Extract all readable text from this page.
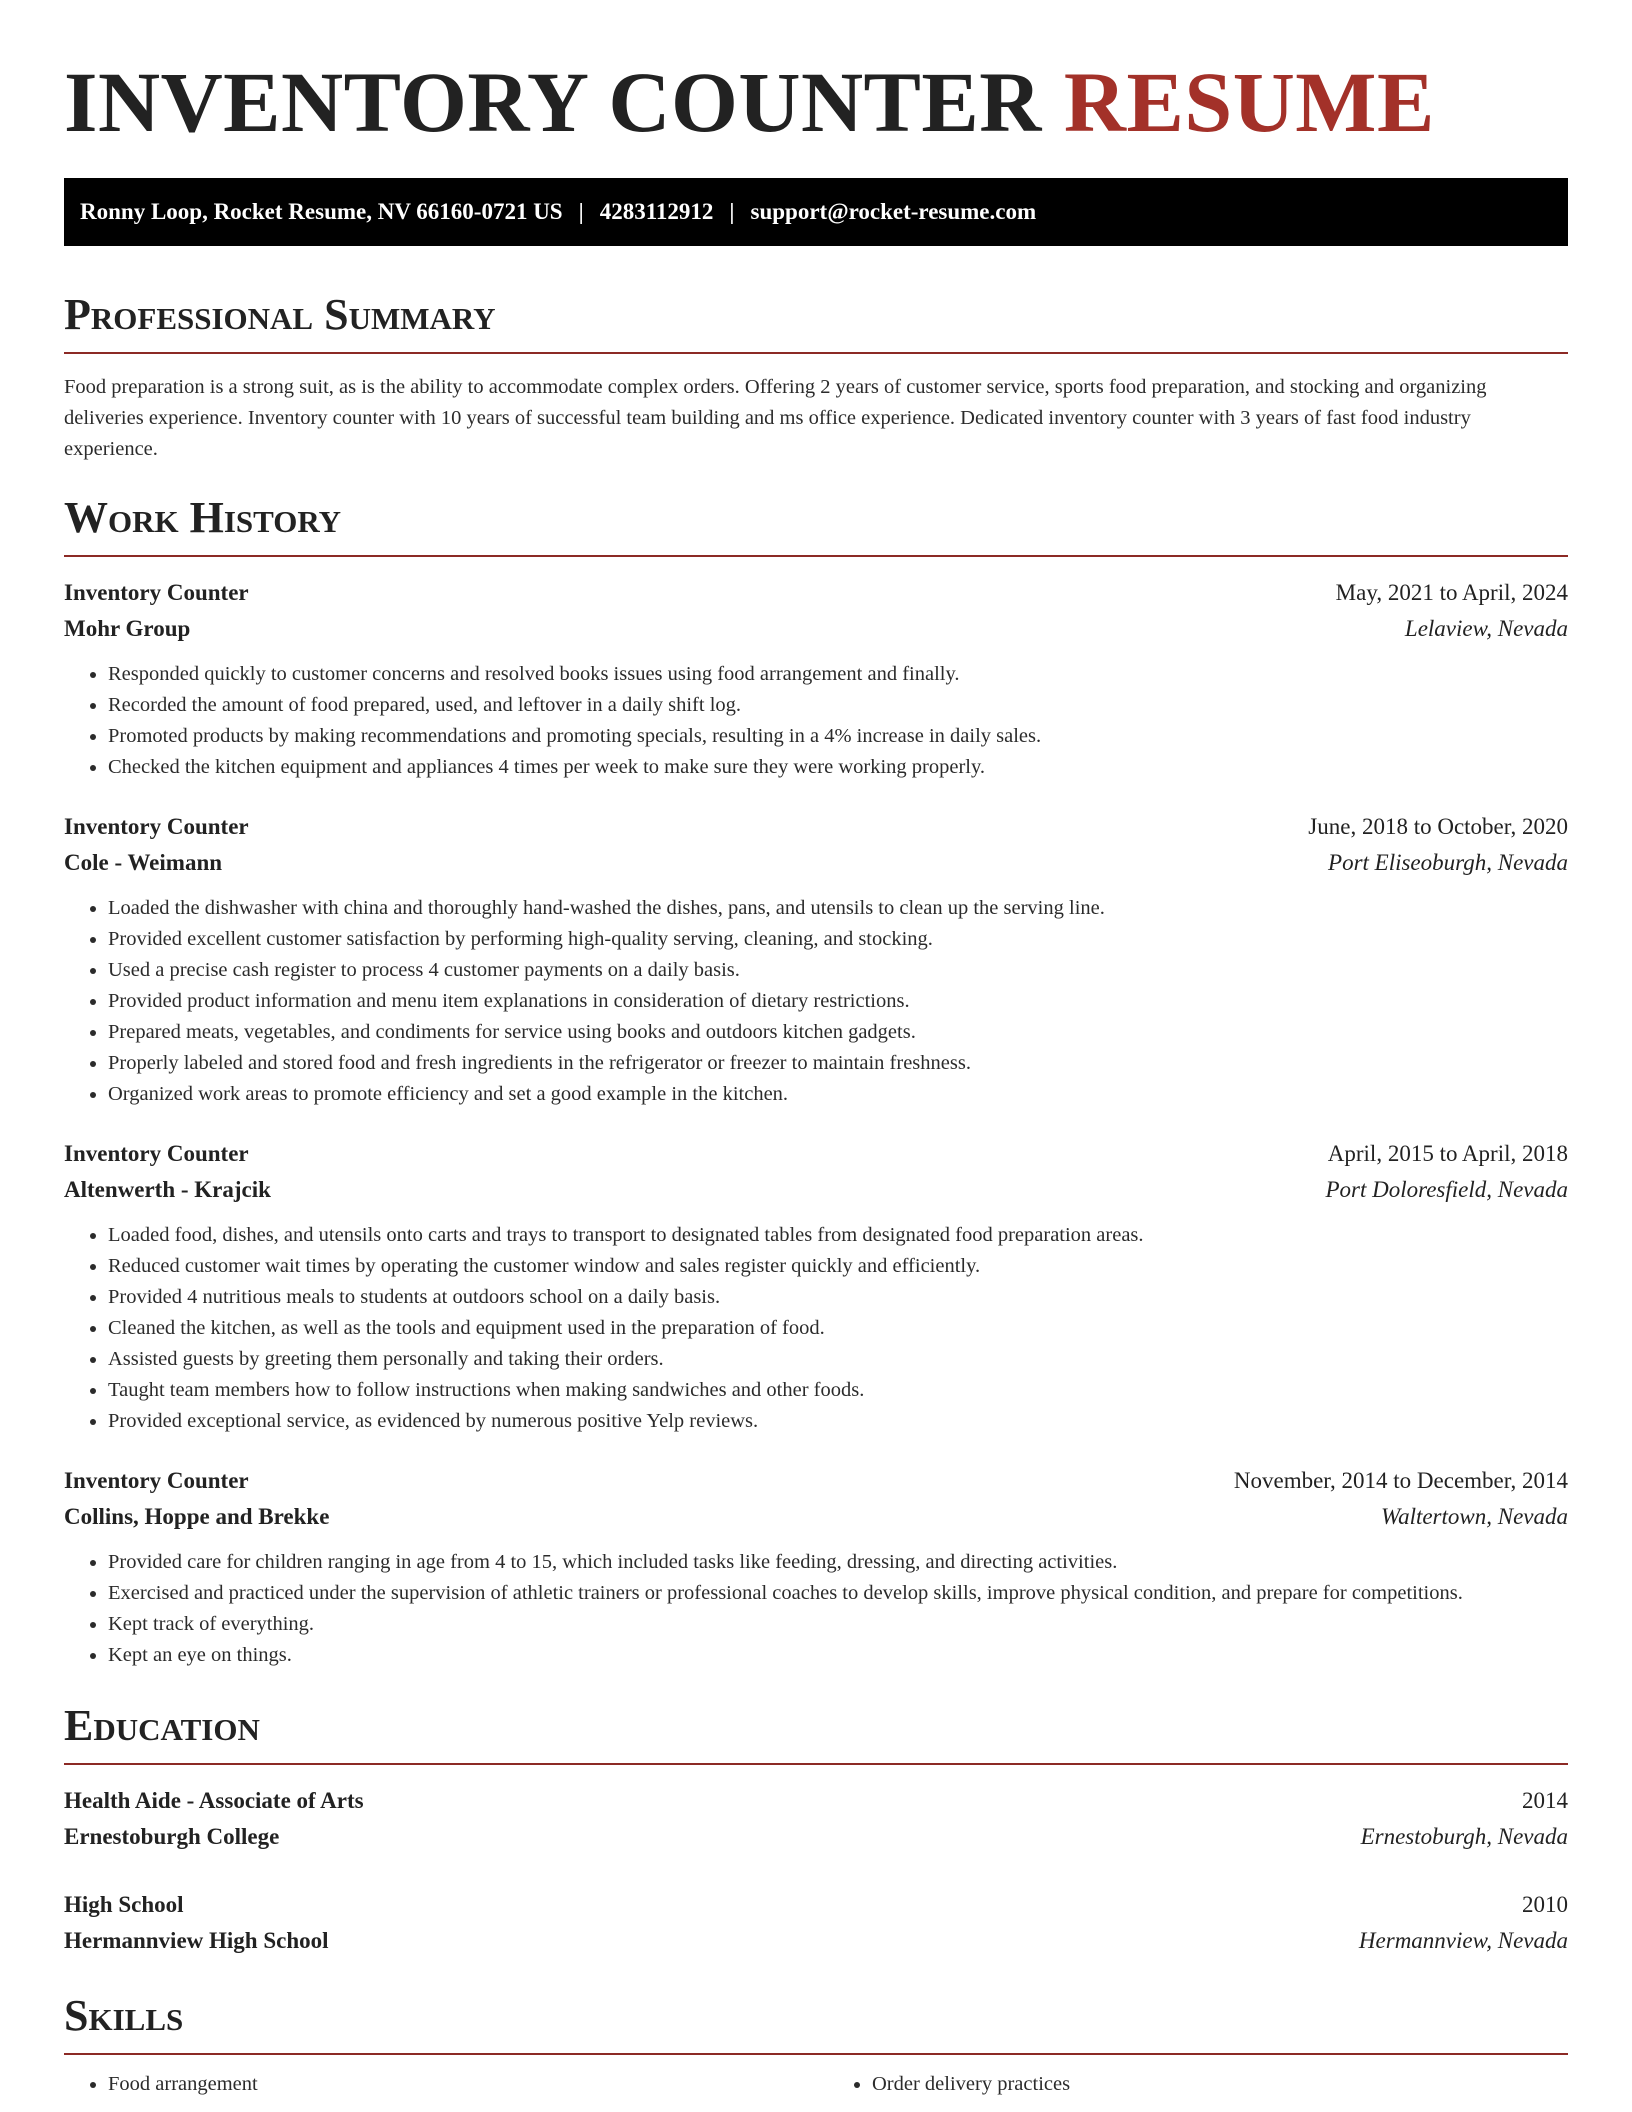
INVENTORY COUNTER RESUME
Ronny Loop, Rocket Resume, NV 66160-0721 US | 4283112912 | support@rocket-resume.com
Professional Summary
Food preparation is a strong suit, as is the ability to accommodate complex orders. Offering 2 years of customer service, sports food preparation, and stocking and organizing deliveries experience. Inventory counter with 10 years of successful team building and ms office experience. Dedicated inventory counter with 3 years of fast food industry experience.
Work History
Inventory Counter	May, 2021 to April, 2024
Mohr Group	Lelaview, Nevada
• Responded quickly to customer concerns and resolved books issues using food arrangement and finally.
• Recorded the amount of food prepared, used, and leftover in a daily shift log.
• Promoted products by making recommendations and promoting specials, resulting in a 4% increase in daily sales.
• Checked the kitchen equipment and appliances 4 times per week to make sure they were working properly.
Inventory Counter	June, 2018 to October, 2020
Cole - Weimann	Port Eliseoburgh, Nevada
• Loaded the dishwasher with china and thoroughly hand-washed the dishes, pans, and utensils to clean up the serving line.
• Provided excellent customer satisfaction by performing high-quality serving, cleaning, and stocking.
• Used a precise cash register to process 4 customer payments on a daily basis.
• Provided product information and menu item explanations in consideration of dietary restrictions.
• Prepared meats, vegetables, and condiments for service using books and outdoors kitchen gadgets.
• Properly labeled and stored food and fresh ingredients in the refrigerator or freezer to maintain freshness.
• Organized work areas to promote efficiency and set a good example in the kitchen.
Inventory Counter	April, 2015 to April, 2018
Altenwerth - Krajcik	Port Doloresfield, Nevada
• Loaded food, dishes, and utensils onto carts and trays to transport to designated tables from designated food preparation areas.
• Reduced customer wait times by operating the customer window and sales register quickly and efficiently.
• Provided 4 nutritious meals to students at outdoors school on a daily basis.
• Cleaned the kitchen, as well as the tools and equipment used in the preparation of food.
• Assisted guests by greeting them personally and taking their orders.
• Taught team members how to follow instructions when making sandwiches and other foods.
• Provided exceptional service, as evidenced by numerous positive Yelp reviews.
Inventory Counter	November, 2014 to December, 2014
Collins, Hoppe and Brekke	Waltertown, Nevada
• Provided care for children ranging in age from 4 to 15, which included tasks like feeding, dressing, and directing activities.
• Exercised and practiced under the supervision of athletic trainers or professional coaches to develop skills, improve physical condition, and prepare for competitions.
• Kept track of everything.
• Kept an eye on things.
Education
Health Aide - Associate of Arts	2014
Ernestoburgh College	Ernestoburgh, Nevada
High School	2010
Hermannview High School	Hermannview, Nevada
Skills
• Food arrangement
•	Order delivery practices
